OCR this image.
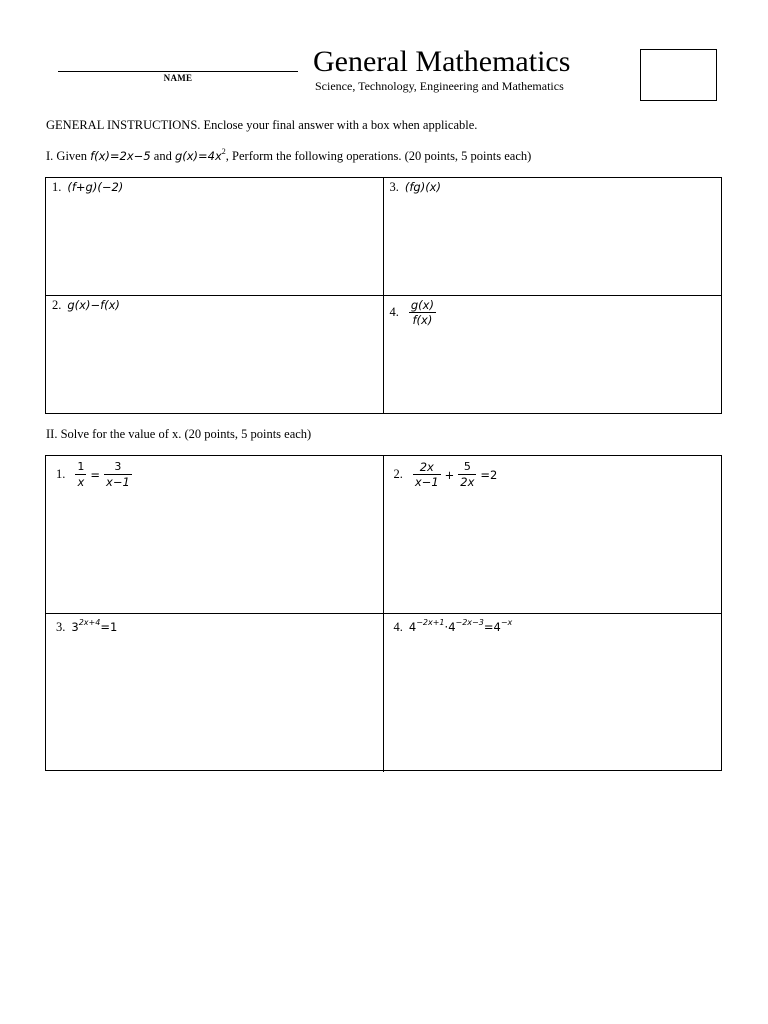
NAME	General Mathematics
Science, Technology, Engineering and Mathematics
GENERAL INSTRUCTIONS. Enclose your final answer with a box when applicable.
I. Given f(x)=2x−5 and $g(x)=4x^2$, Perform the following operations. (20 points, 5 points each)
1. (f+g)(−2)	3. (fg)(x)
2. g(x)−f(x)	4. $\frac{g(x)}{f(x)}$
II. Solve for the value of x. (20 points, 5 points each)
1. $\frac{1}{x} = \frac{3}{x-1}$	2. $\frac{2x}{x-1} + \frac{5}{2x} =2$
3. $3^{2x+4}=1$	4. $4^{-2x+1}\cdot 4^{-2x-3}=4^{-x}$
